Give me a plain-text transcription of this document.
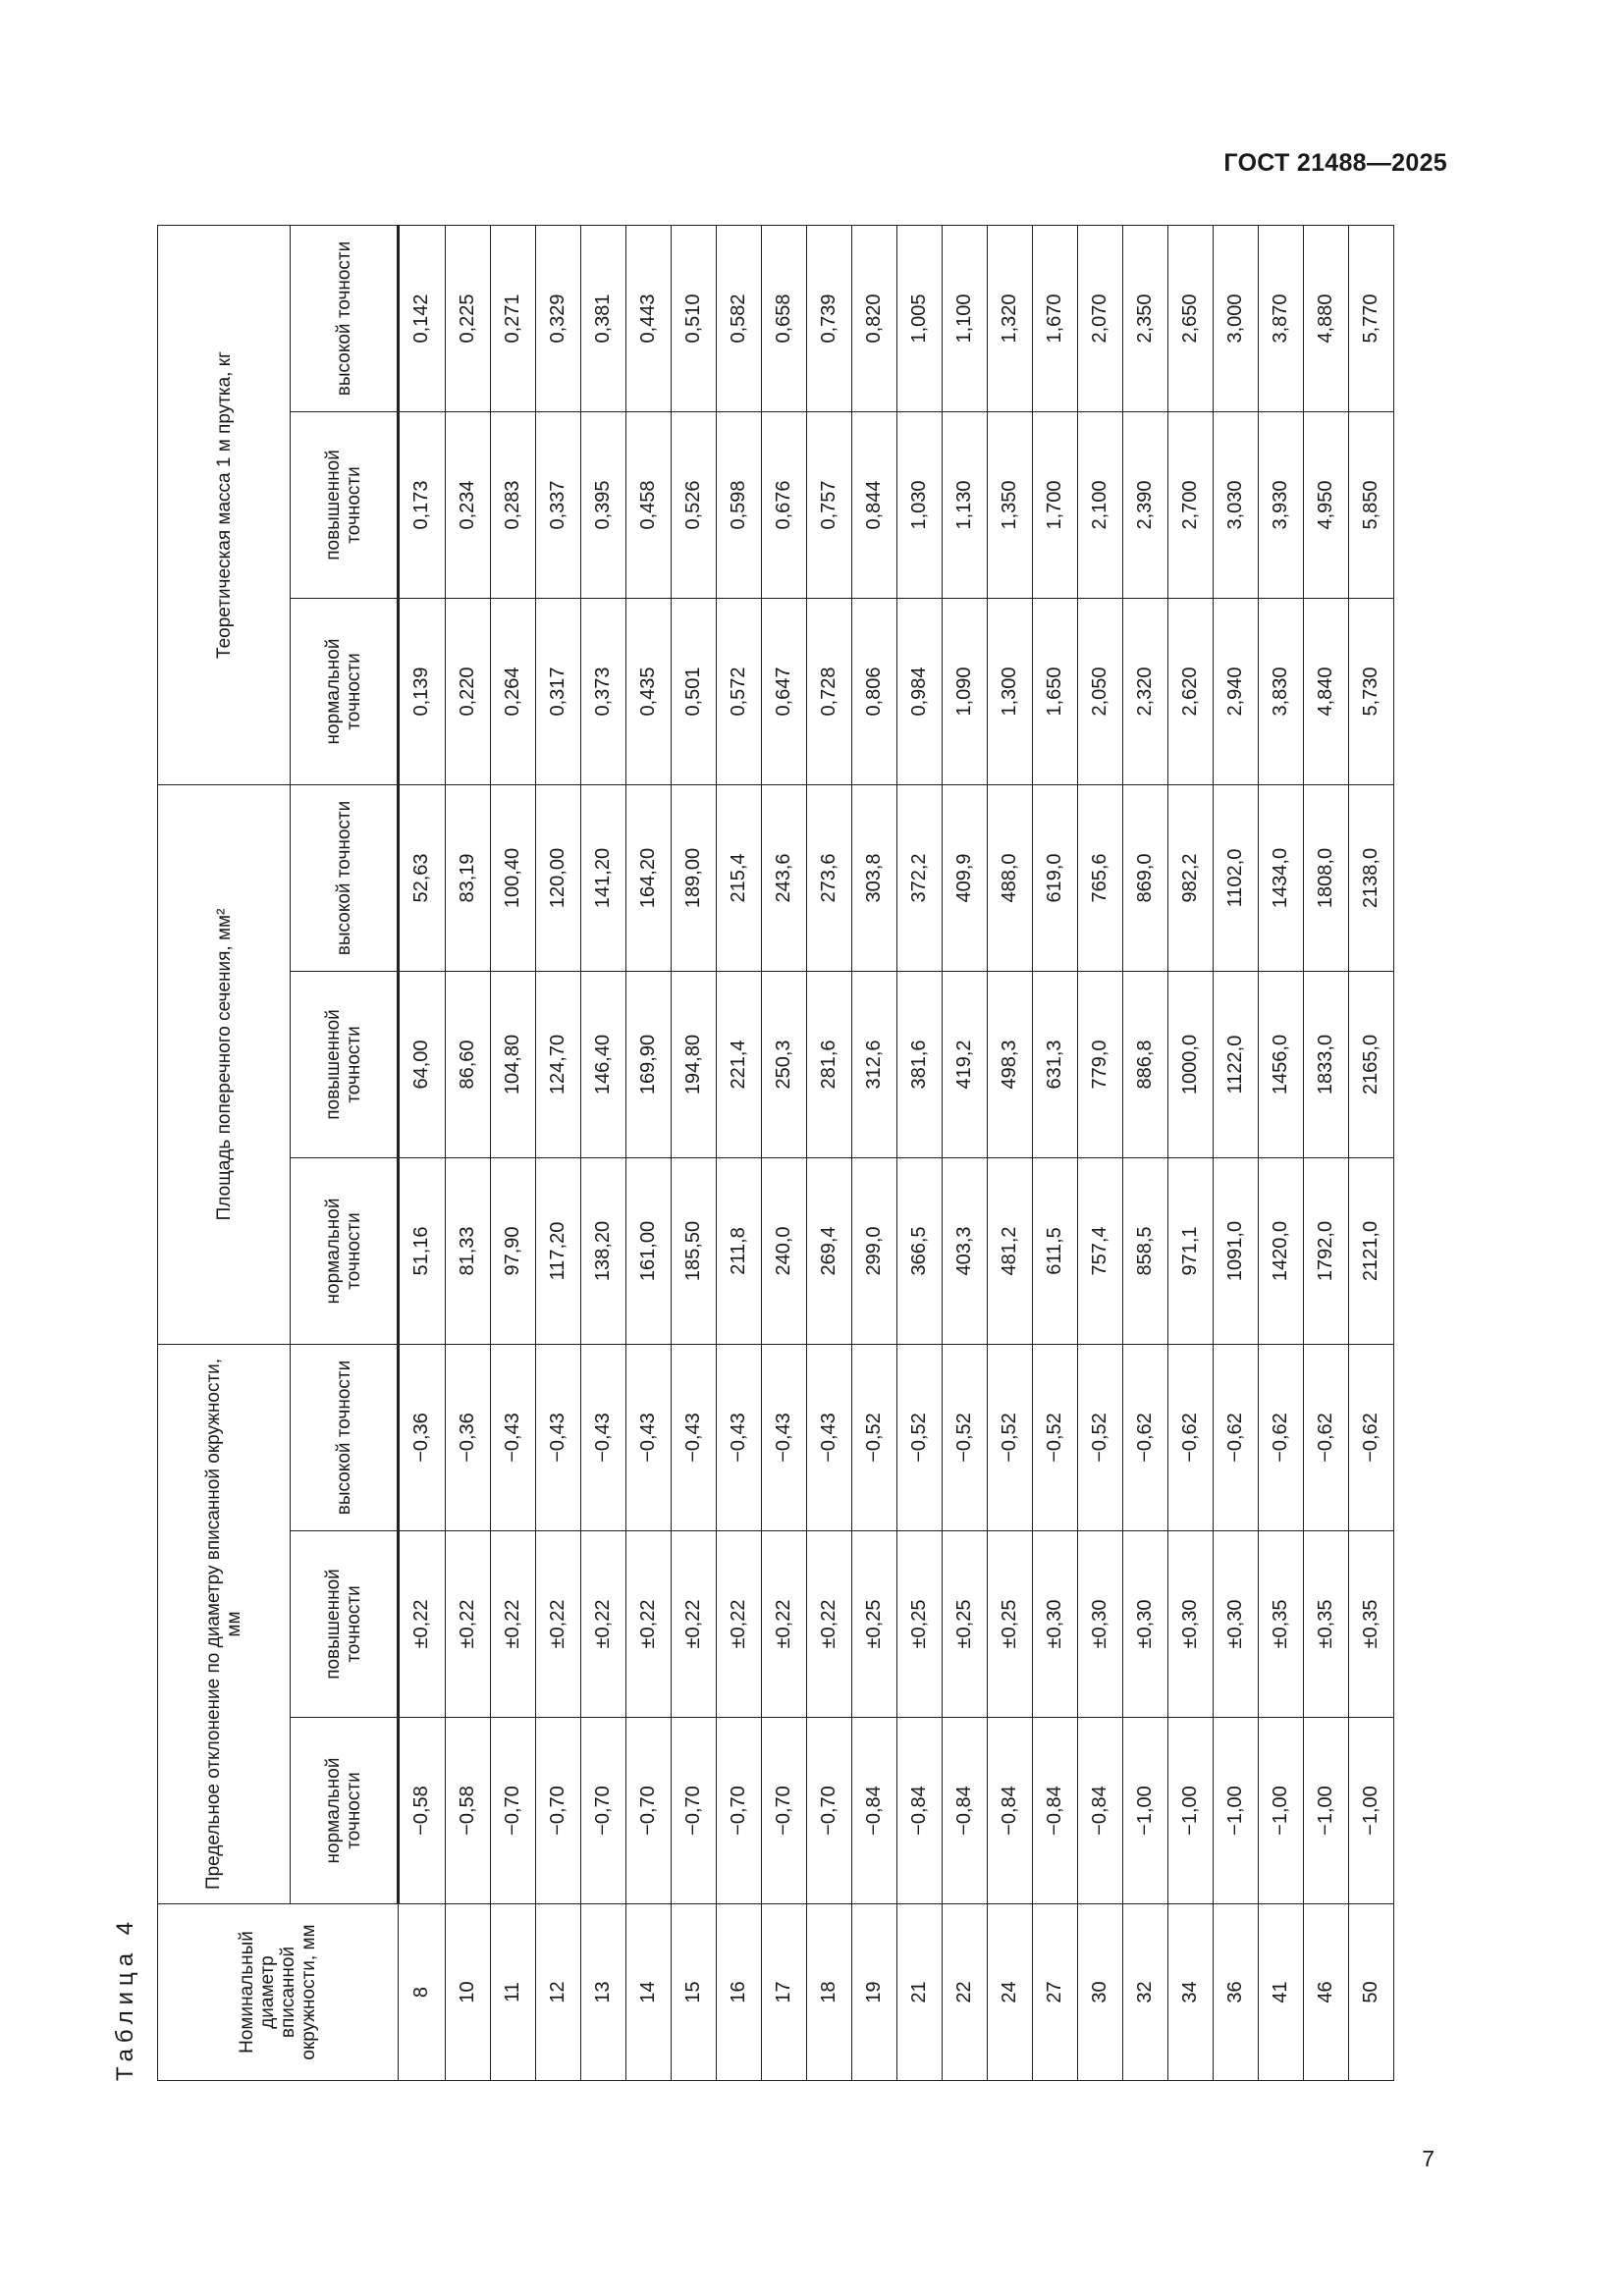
ГОСТ 21488—2025
Таблица 4	Номинальный диаметр вписанной окружности, мм	Предельное отклонение по диаметру вписанной окружности, мм			Площадь поперечного сечения, мм²			Теоретическая масса 1 м прутка, кг		
	нормальной точности	повышенной точности	высокой точности	нормальной точности	повышенной точности	высокой точности	нормальной точности	повышенной точности	высокой точности
8	−0,58	±0,22	−0,36	51,16	64,00	52,63	0,139	0,173	0,142
10	−0,58	±0,22	−0,36	81,33	86,60	83,19	0,220	0,234	0,225
11	−0,70	±0,22	−0,43	97,90	104,80	100,40	0,264	0,283	0,271
12	−0,70	±0,22	−0,43	117,20	124,70	120,00	0,317	0,337	0,329
13	−0,70	±0,22	−0,43	138,20	146,40	141,20	0,373	0,395	0,381
14	−0,70	±0,22	−0,43	161,00	169,90	164,20	0,435	0,458	0,443
15	−0,70	±0,22	−0,43	185,50	194,80	189,00	0,501	0,526	0,510
16	−0,70	±0,22	−0,43	211,8	221,4	215,4	0,572	0,598	0,582
17	−0,70	±0,22	−0,43	240,0	250,3	243,6	0,647	0,676	0,658
18	−0,70	±0,22	−0,43	269,4	281,6	273,6	0,728	0,757	0,739
19	−0,84	±0,25	−0,52	299,0	312,6	303,8	0,806	0,844	0,820
21	−0,84	±0,25	−0,52	366,5	381,6	372,2	0,984	1,030	1,005
22	−0,84	±0,25	−0,52	403,3	419,2	409,9	1,090	1,130	1,100
24	−0,84	±0,25	−0,52	481,2	498,3	488,0	1,300	1,350	1,320
27	−0,84	±0,30	−0,52	611,5	631,3	619,0	1,650	1,700	1,670
30	−0,84	±0,30	−0,52	757,4	779,0	765,6	2,050	2,100	2,070
32	−1,00	±0,30	−0,62	858,5	886,8	869,0	2,320	2,390	2,350
34	−1,00	±0,30	−0,62	971,1	1000,0	982,2	2,620	2,700	2,650
36	−1,00	±0,30	−0,62	1091,0	1122,0	1102,0	2,940	3,030	3,000
41	−1,00	±0,35	−0,62	1420,0	1456,0	1434,0	3,830	3,930	3,870
46	−1,00	±0,35	−0,62	1792,0	1833,0	1808,0	4,840	4,950	4,880
50	−1,00	±0,35	−0,62	2121,0	2165,0	2138,0	5,730	5,850	5,770
7
